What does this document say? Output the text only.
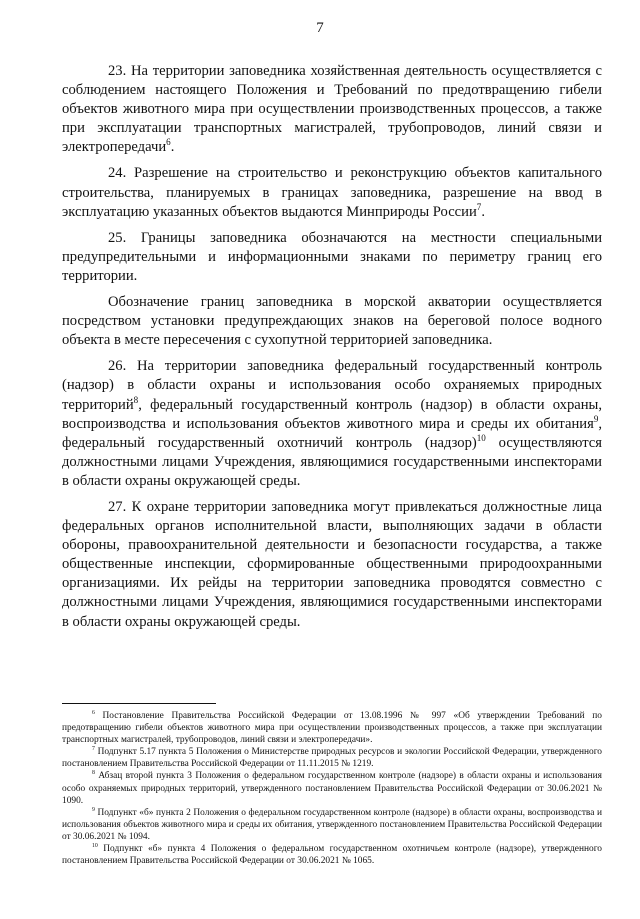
7

23. На территории заповедника хозяйственная деятельность осуществляется с соблюдением настоящего Положения и Требований по предотвращению гибели объектов животного мира при осуществлении производственных процессов, а также при эксплуатации транспортных магистралей, трубопроводов, линий связи и электропередачи$^6$.

24. Разрешение на строительство и реконструкцию объектов капитального строительства, планируемых в границах заповедника, разрешение на ввод в эксплуатацию указанных объектов выдаются Минприроды России$^7$.

25. Границы заповедника обозначаются на местности специальными предупредительными и информационными знаками по периметру границ его территории.

Обозначение границ заповедника в морской акватории осуществляется посредством установки предупреждающих знаков на береговой полосе водного объекта в месте пересечения с сухопутной территорией заповедника.

26. На территории заповедника федеральный государственный контроль (надзор) в области охраны и использования особо охраняемых природных территорий$^8$, федеральный государственный контроль (надзор) в области охраны, воспроизводства и использования объектов животного мира и среды их обитания$^9$, федеральный государственный охотничий контроль (надзор)$^{10}$ осуществляются должностными лицами Учреждения, являющимися государственными инспекторами в области охраны окружающей среды.

27. К охране территории заповедника могут привлекаться должностные лица федеральных органов исполнительной власти, выполняющих задачи в области обороны, правоохранительной деятельности и безопасности государства, а также общественные инспекции, сформированные общественными природоохранными организациями. Их рейды на территории заповедника проводятся совместно с должностными лицами Учреждения, являющимися государственными инспекторами в области охраны окружающей среды.

$^6$ Постановление Правительства Российской Федерации от 13.08.1996 № 997 «Об утверждении Требований по предотвращению гибели объектов животного мира при осуществлении производственных процессов, а также при эксплуатации транспортных магистралей, трубопроводов, линий связи и электропередачи».

$^7$ Подпункт 5.17 пункта 5 Положения о Министерстве природных ресурсов и экологии Российской Федерации, утвержденного постановлением Правительства Российской Федерации от 11.11.2015 № 1219.

$^8$ Абзац второй пункта 3 Положения о федеральном государственном контроле (надзоре) в области охраны и использования особо охраняемых природных территорий, утвержденного постановлением Правительства Российской Федерации от 30.06.2021 № 1090.

$^9$ Подпункт «б» пункта 2 Положения о федеральном государственном контроле (надзоре) в области охраны, воспроизводства и использования объектов животного мира и среды их обитания, утвержденного постановлением Правительства Российской Федерации от 30.06.2021 № 1094.

$^{10}$ Подпункт «б» пункта 4 Положения о федеральном государственном охотничьем контроле (надзоре), утвержденного постановлением Правительства Российской Федерации от 30.06.2021 № 1065.
